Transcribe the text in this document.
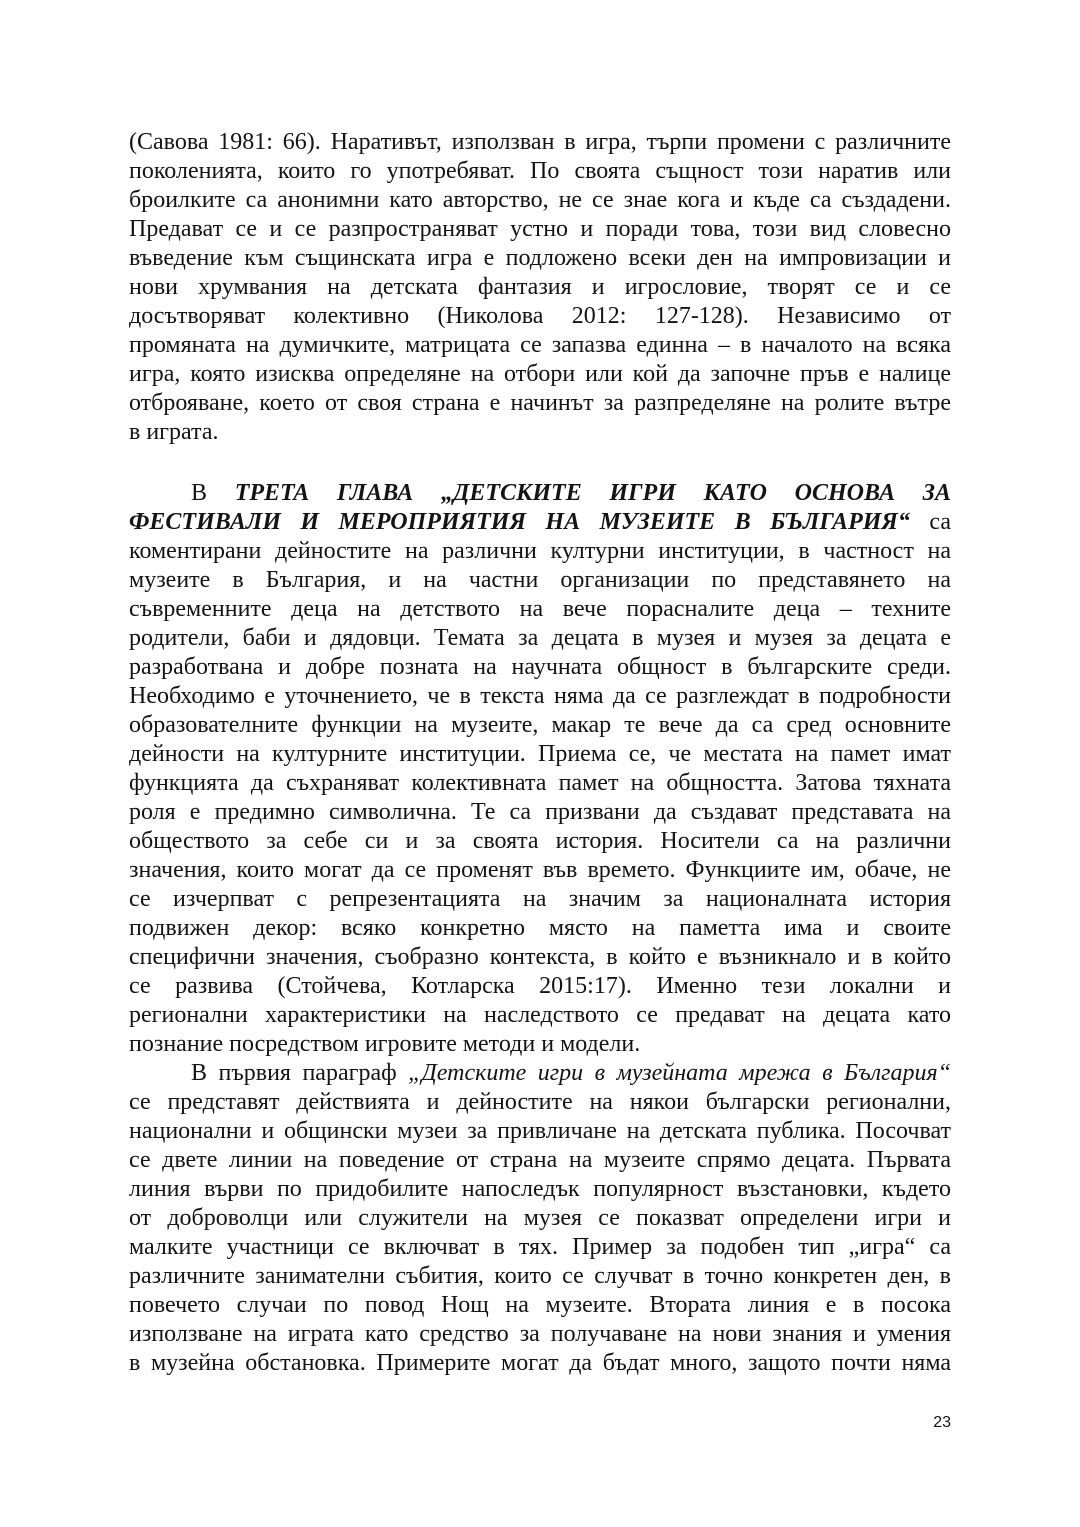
(Савова 1981: 66). Наративът, използван в игра, търпи промени с различните
поколенията, които го употребяват. По своята същност този наратив или
броилките са анонимни като авторство, не се знае кога и къде са създадени.
Предават се и се разпространяват устно и поради това, този вид словесно
въведение към същинската игра е подложено всеки ден на импровизации и
нови хрумвания на детската фантазия и игрословие, творят се и се
досътворяват колективно (Николова 2012: 127-128). Независимо от
промяната на думичките, матрицата се запазва единна – в началото на всяка
игра, която изисква определяне на отбори или кой да започне пръв е налице
отброяване, което от своя страна е начинът за разпределяне на ролите вътре
в играта.
В ТРЕТА ГЛАВА „ДЕТСКИТЕ ИГРИ КАТО ОСНОВА ЗА
ФЕСТИВАЛИ И МЕРОПРИЯТИЯ НА МУЗЕИТЕ В БЪЛГАРИЯ“ са
коментирани дейностите на различни културни институции, в частност на
музеите в България, и на частни организации по представянето на
съвременните деца на детството на вече порасналите деца – техните
родители, баби и дядовци. Темата за децата в музея и музея за децата е
разработвана и добре позната на научната общност в българските среди.
Необходимо е уточнението, че в текста няма да се разглеждат в подробности
образователните функции на музеите, макар те вече да са сред основните
дейности на културните институции. Приема се, че местата на памет имат
функцията да съхраняват колективната памет на общността. Затова тяхната
роля е предимно символична. Те са призвани да създават представата на
обществото за себе си и за своята история. Носители са на различни
значения, които могат да се променят във времето. Функциите им, обаче, не
се изчерпват с репрезентацията на значим за националната история
подвижен декор: всяко конкретно място на паметта има и своите
специфични значения, съобразно контекста, в който е възникнало и в който
се развива (Стойчева, Котларска 2015:17). Именно тези локални и
регионални характеристики на наследството се предават на децата като
познание посредством игровите методи и модели.
В първия параграф „Детските игри в музейната мрежа в България“
се представят действията и дейностите на някои български регионални,
национални и общински музеи за привличане на детската публика. Посочват
се двете линии на поведение от страна на музеите спрямо децата. Първата
линия върви по придобилите напоследък популярност възстановки, където
от доброволци или служители на музея се показват определени игри и
малките участници се включват в тях. Пример за подобен тип „игра“ са
различните занимателни събития, които се случват в точно конкретен ден, в
повечето случаи по повод Нощ на музеите. Втората линия е в посока
използване на играта като средство за получаване на нови знания и умения
в музейна обстановка. Примерите могат да бъдат много, защото почти няма
23
